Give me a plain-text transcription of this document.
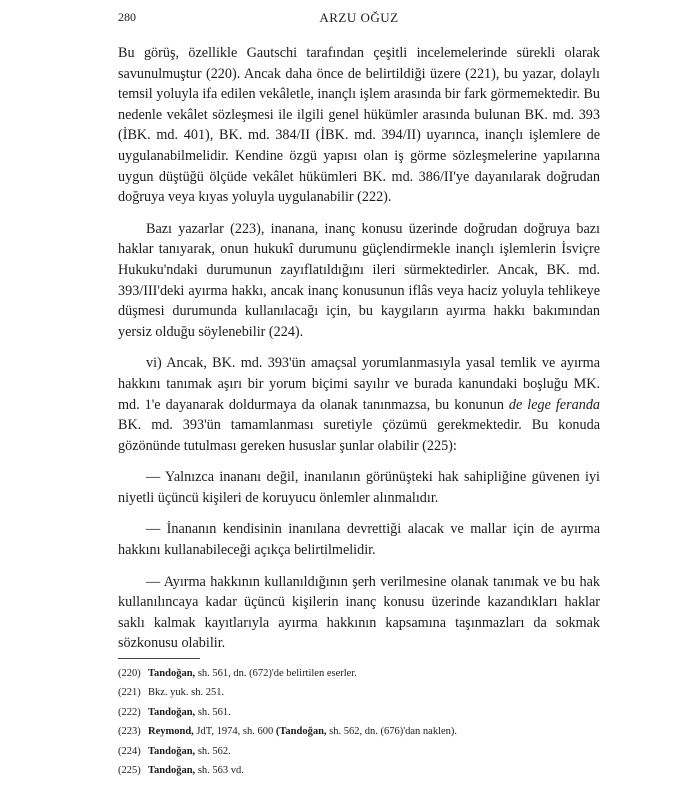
280	ARZU OĞUZ

Bu görüş, özellikle Gautschi tarafından çeşitli incelemelerinde sürekli olarak savunulmuştur (220). Ancak daha önce de belirtildiği üzere (221), bu yazar, dolaylı temsil yoluyla ifa edilen vekâletle, inançlı işlem arasında bir fark görmemektedir. Bu nedenle vekâlet sözleşmesi ile ilgili genel hükümler arasında bulunan BK. md. 393 (İBK. md. 401), BK. md. 384/II (İBK. md. 394/II) uyarınca, inançlı işlemlere de uygulanabilmelidir. Kendine özgü yapısı olan iş görme sözleşmelerine yapılarına uygun düştüğü ölçüde vekâlet hükümleri BK. md. 386/II'ye dayanılarak doğrudan doğruya veya kıyas yoluyla uygulanabilir (222).

Bazı yazarlar (223), inanana, inanç konusu üzerinde doğrudan doğruya bazı haklar tanıyarak, onun hukukî durumunu güçlendirmekle inançlı işlemlerin İsviçre Hukuku'ndaki durumunun zayıflatıldığını ileri sürmektedirler. Ancak, BK. md. 393/III'deki ayırma hakkı, ancak inanç konusunun iflâs veya haciz yoluyla tehlikeye düşmesi durumunda kullanılacağı için, bu kaygıların ayırma hakkı bakımından yersiz olduğu söylenebilir (224).

vi) Ancak, BK. md. 393'ün amaçsal yorumlanmasıyla yasal temlik ve ayırma hakkını tanımak aşırı bir yorum biçimi sayılır ve burada kanundaki boşluğu MK. md. 1'e dayanarak doldurmaya da olanak tanınmazsa, bu konunun de lege feranda BK. md. 393'ün tamamlanması suretiyle çözümü gerekmektedir. Bu konuda gözönünde tutulması gereken hususlar şunlar olabilir (225):

— Yalnızca inananı değil, inanılanın görünüşteki hak sahipliğine güvenen iyi niyetli üçüncü kişileri de koruyucu önlemler alınmalıdır.

— İnananın kendisinin inanılana devrettiği alacak ve mallar için de ayırma hakkını kullanabileceği açıkça belirtilmelidir.

— Ayırma hakkının kullanıldığının şerh verilmesine olanak tanımak ve bu hak kullanılıncaya kadar üçüncü kişilerin inanç konusu üzerinde kazandıkları haklar saklı kalmak kayıtlarıyla ayırma hakkının kapsamına taşınmazları da sokmak sözkonusu olabilir.

(220) Tandoğan, sh. 561, dn. (672)'de belirtilen eserler.
(221) Bkz. yuk. sh. 251.
(222) Tandoğan, sh. 561.
(223) Reymond, JdT, 1974, sh. 600 (Tandoğan, sh. 562, dn. (676)'dan naklen).
(224) Tandoğan, sh. 562.
(225) Tandoğan, sh. 563 vd.
